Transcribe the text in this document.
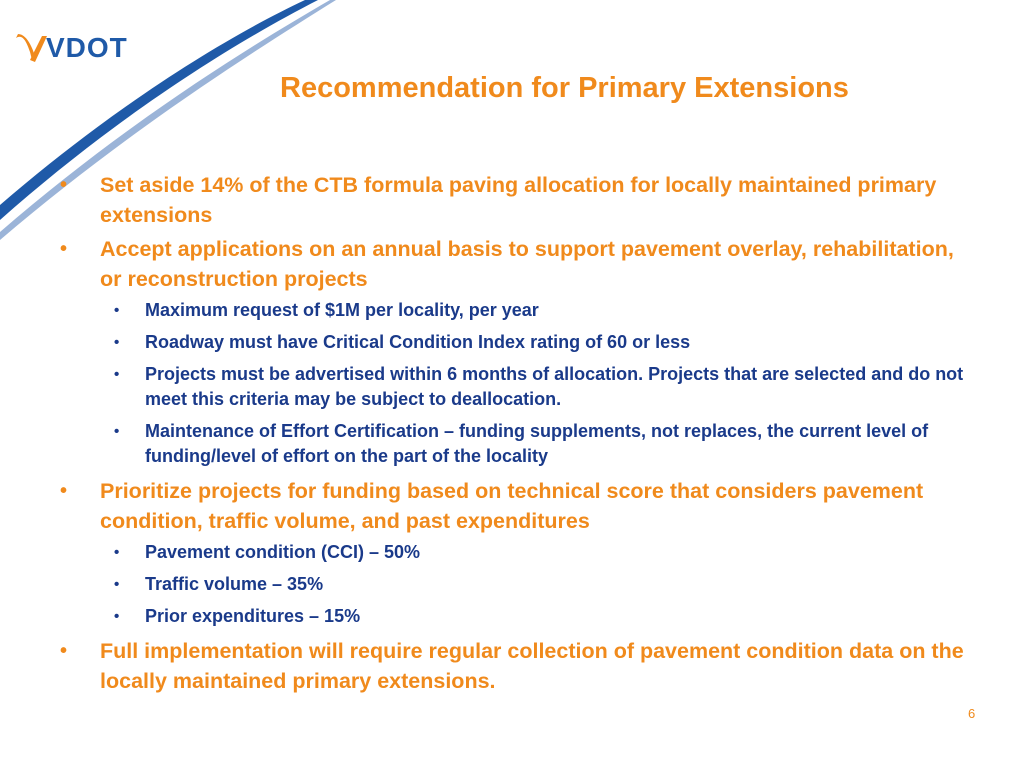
VDOT
Recommendation for Primary Extensions
• Set aside 14% of the CTB formula paving allocation for locally maintained primary extensions
• Accept applications on an annual basis to support pavement overlay, rehabilitation, or reconstruction projects
• Maximum request of $1M per locality, per year
• Roadway must have Critical Condition Index rating of 60 or less
• Projects must be advertised within 6 months of allocation. Projects that are selected and do not meet this criteria may be subject to deallocation.
• Maintenance of Effort Certification – funding supplements, not replaces, the current level of funding/level of effort on the part of the locality
• Prioritize projects for funding based on technical score that considers pavement condition, traffic volume, and past expenditures
• Pavement condition (CCI) – 50%
• Traffic volume – 35%
• Prior expenditures – 15%
• Full implementation will require regular collection of pavement condition data on the locally maintained primary extensions.
6
